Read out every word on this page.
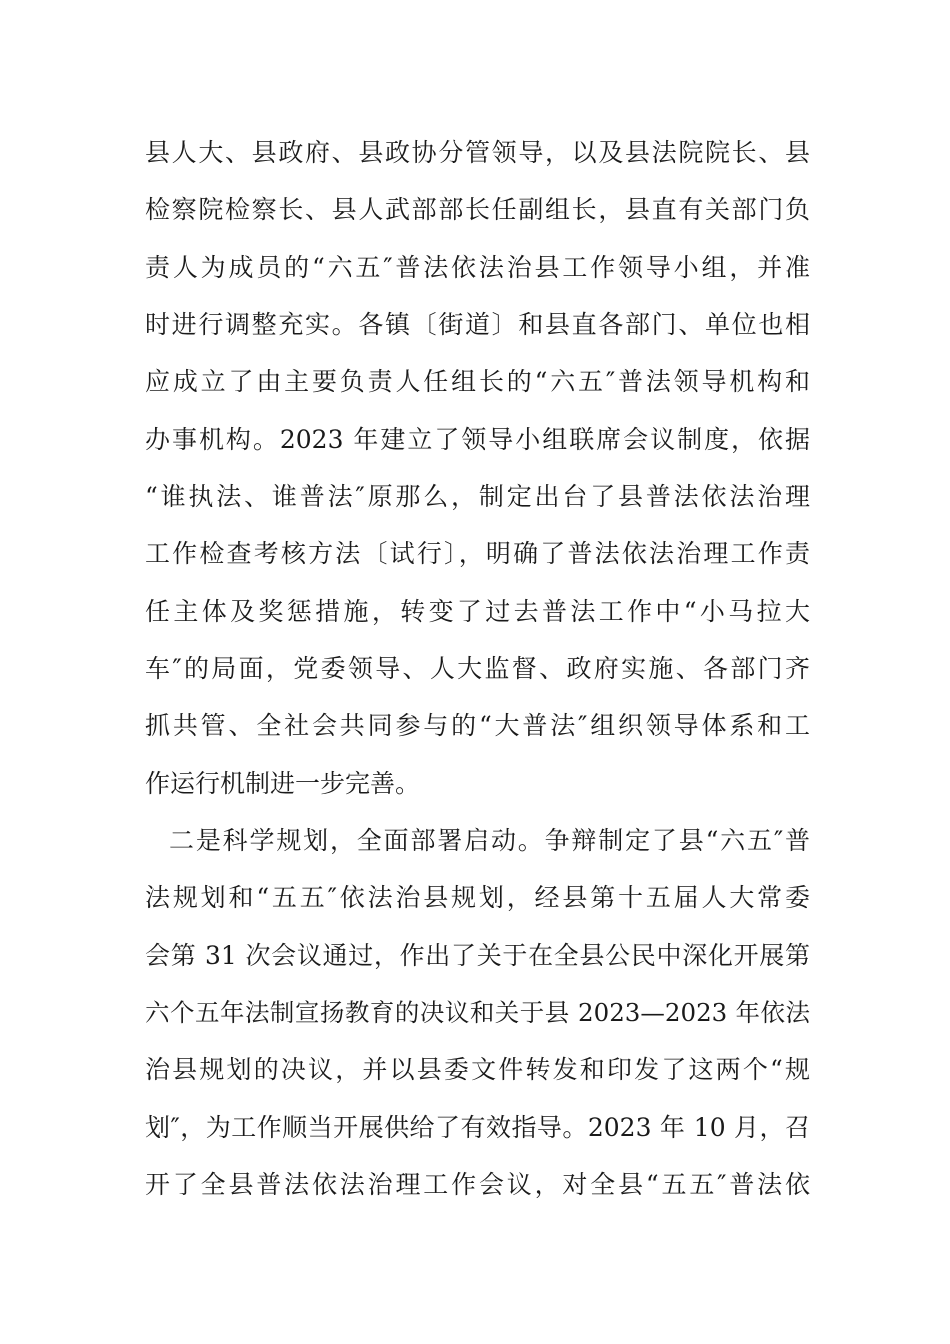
县人大、县政府、县政协分管领导，以及县法院院长、县
检察院检察长、县人武部部长任副组长，县直有关部门负
责人为成员的“六五″普法依法治县工作领导小组，并准
时进行调整充实。各镇〔街道〕和县直各部门、单位也相
应成立了由主要负责人任组长的“六五″普法领导机构和
办事机构。2023 年建立了领导小组联席会议制度，依据
“谁执法、谁普法″原那么，制定出台了县普法依法治理
工作检查考核方法〔试行〕，明确了普法依法治理工作责
任主体及奖惩措施，转变了过去普法工作中“小马拉大
车″的局面，党委领导、人大监督、政府实施、各部门齐
抓共管、全社会共同参与的“大普法″组织领导体系和工
作运行机制进一步完善。
二是科学规划，全面部署启动。争辩制定了县“六五″普
法规划和“五五″依法治县规划，经县第十五届人大常委
会第 31 次会议通过，作出了关于在全县公民中深化开展第
六个五年法制宣扬教育的决议和关于县 2023—2023 年依法
治县规划的决议，并以县委文件转发和印发了这两个“规
划″，为工作顺当开展供给了有效指导。2023 年 10 月，召
开了全县普法依法治理工作会议，对全县“五五″普法依
